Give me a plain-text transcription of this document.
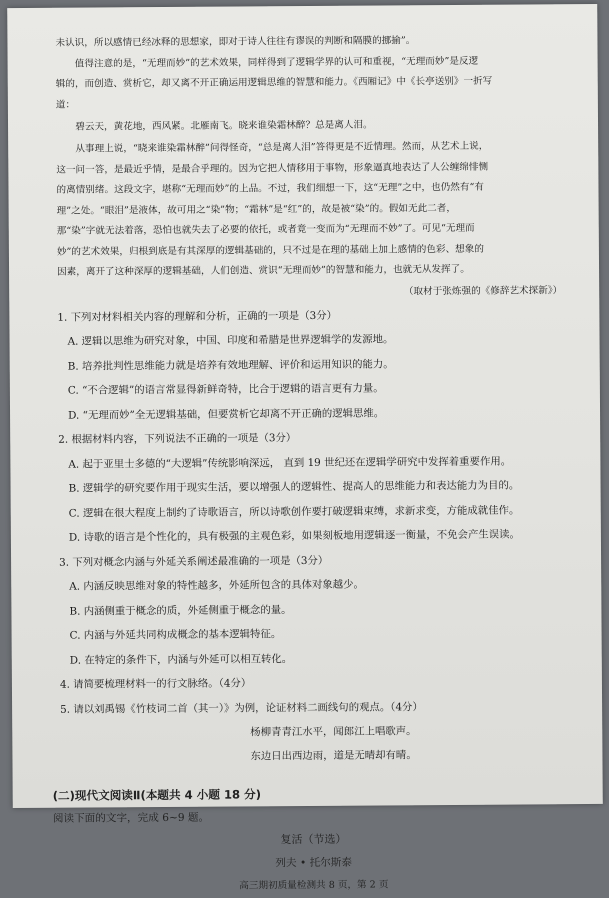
未认识，所以感情已经冰释的思想家，即对于诗人往往有谬误的判断和隔膜的挪揄”。

值得注意的是，“无理而妙”的艺术效果，同样得到了逻辑学界的认可和重视，“无理而妙”是反逻

辑的，而创造、赏析它，却又离不开正确运用逻辑思维的智慧和能力。《西厢记》中《长亭送别》一折写

道：

碧云天，黄花地，西风紧。北雁南飞。晓来谁染霜林醉？总是离人泪。

从事理上说，“晓来谁染霜林醉”问得怪奇，“总是离人泪”答得更是不近情理。然而，从艺术上说，

这一问一答，是最近乎情，是最合乎理的。因为它把人情移用于事物，形象逼真地表达了人公缠绵悱恻

的离情别绪。这段文字，堪称“无理而妙”的上品。不过，我们细想一下，这“无理”之中，也仍然有“有

理”之处。“眼泪”是液体，故可用之“染”物；“霜林”是“红”的，故是被“染”的。假如无此二者，

那“染”字就无法着落，恐怕也就失去了必要的依托，或者竟一变而为“无理而不妙”了。可见“无理而

妙”的艺术效果，归根到底是有其深厚的逻辑基础的，只不过是在理的基础上加上感情的色彩、想象的

因素，离开了这种深厚的逻辑基础，人们创造、赏识“无理而妙”的智慧和能力，也就无从发挥了。

（取材于张炼强的《修辞艺术探新》）

1. 下列对材料相关内容的理解和分析，正确的一项是（3分）

A. 逻辑以思维为研究对象，中国、印度和希腊是世界逻辑学的发源地。

B. 培养批判性思维能力就是培养有效地理解、评价和运用知识的能力。

C. “不合逻辑”的语言常显得新鲜奇特，比合于逻辑的语言更有力量。

D. “无理而妙”全无逻辑基础，但要赏析它却离不开正确的逻辑思维。

2. 根据材料内容，下列说法不正确的一项是（3分）

A. 起于亚里士多德的“大逻辑”传统影响深远， 直到 19 世纪还在逻辑学研究中发挥着重要作用。

B. 逻辑学的研究要作用于现实生活，要以增强人的逻辑性、提高人的思维能力和表达能力为目的。

C. 逻辑在很大程度上制约了诗歌语言，所以诗歌创作要打破逻辑束缚，求新求变，方能成就佳作。

D. 诗歌的语言是个性化的，具有极强的主观色彩，如果刻板地用逻辑逐一衡量，不免会产生误读。

3. 下列对概念内涵与外延关系阐述最准确的一项是（3分）

A. 内涵反映思维对象的特性越多，外延所包含的具体对象越少。

B. 内涵侧重于概念的质，外延侧重于概念的量。

C. 内涵与外延共同构成概念的基本逻辑特征。

D. 在特定的条件下，内涵与外延可以相互转化。

4. 请简要梳理材料一的行文脉络。（4分）

5. 请以刘禹锡《竹枝词二首（其一）》为例，论证材料二画线句的观点。（4分）

杨柳青青江水平，闻郎江上唱歌声。

东边日出西边雨，道是无晴却有晴。

(二)现代文阅读Ⅱ(本题共 4 小题 18 分)

阅读下面的文字，完成 6~9 题。

复活（节选）

列夫 • 托尔斯泰

高三期初质量检测共 8 页，第 2 页
